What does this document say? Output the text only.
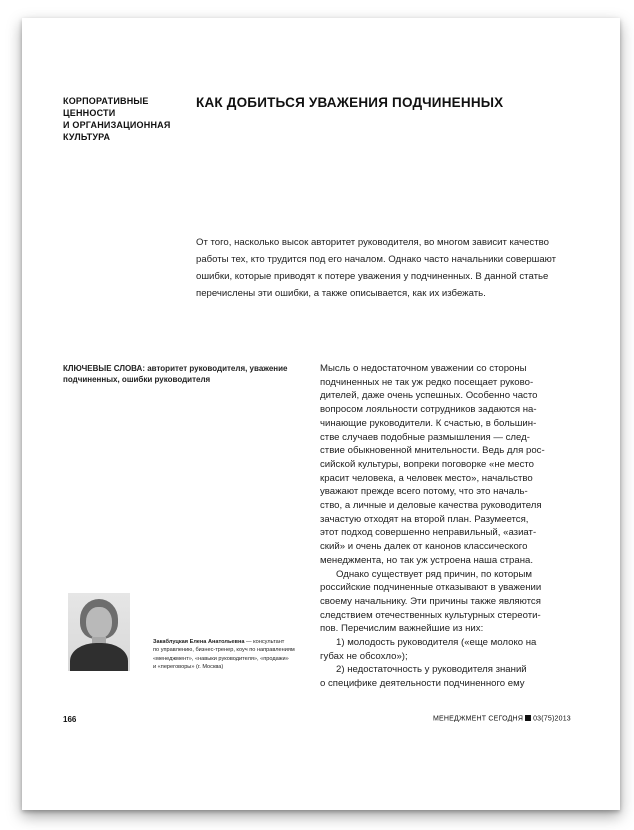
КОРПОРАТИВНЫЕ
ЦЕННОСТИ
И ОРГАНИЗАЦИОННАЯ
КУЛЬТУРА
КАК ДОБИТЬСЯ УВАЖЕНИЯ ПОДЧИНЕННЫХ
От того, насколько высок авторитет руководителя, во многом зависит качество
работы тех, кто трудится под его началом. Однако часто начальники совершают
ошибки, которые приводят к потере уважения у подчиненных. В данной статье
перечислены эти ошибки, а также описывается, как их избежать.
КЛЮЧЕВЫЕ СЛОВА: авторитет руководителя, уважение
подчиненных, ошибки руководителя
Мысль о недостаточном уважении со стороны
подчиненных не так уж редко посещает руково-
дителей, даже очень успешных. Особенно часто
вопросом лояльности сотрудников задаются на-
чинающие руководители. К счастью, в большин-
стве случаев подобные размышления — след-
ствие обыкновенной мнительности. Ведь для рос-
сийской культуры, вопреки поговорке «не место
красит человека, а человек место», начальство
уважают прежде всего потому, что это началь-
ство, а личные и деловые качества руководителя
зачастую отходят на второй план. Разумеется,
этот подход совершенно неправильный, «азиат-
ский» и очень далек от канонов классического
менеджмента, но так уж устроена наша страна.
Однако существует ряд причин, по которым
российские подчиненные отказывают в уважении
своему начальнику. Эти причины также являются
следствием отечественных культурных стереоти-
пов. Перечислим важнейшие из них:
1) молодость руководителя («еще молоко на
губах не обсохло»);
2) недостаточность у руководителя знаний
о специфике деятельности подчиненного ему
Закаблуцкая Елена Анатольевна — консультант
по управлению, бизнес-тренер, коуч по направлениям
«менеджмент», «навыки руководителя», «продажи»
и «переговоры» (г. Москва)
166	МЕНЕДЖМЕНТ СЕГОДНЯ 03(75)2013
